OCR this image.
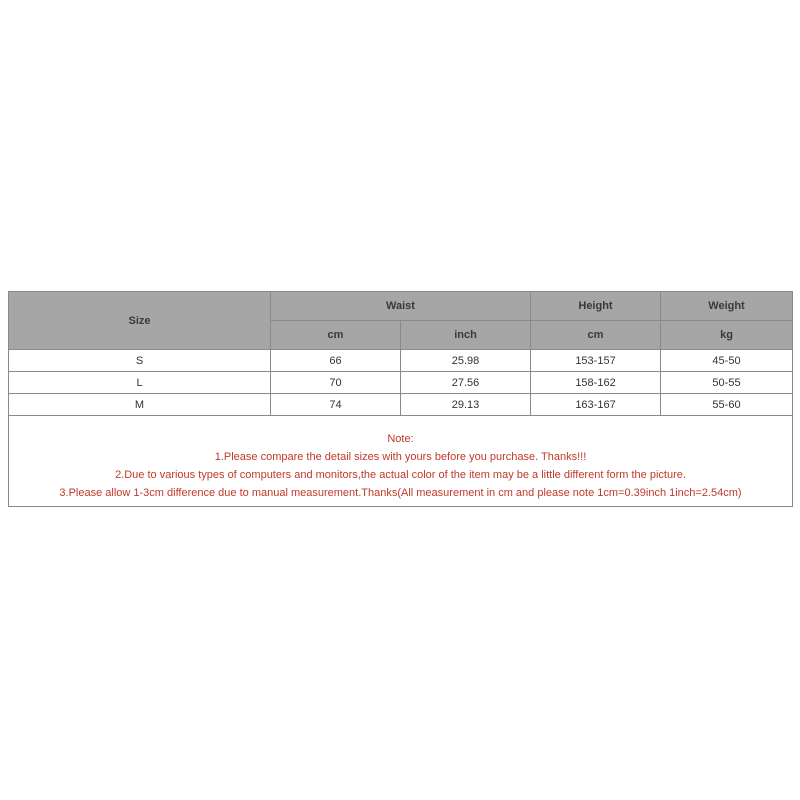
Size	Waist		Height	Weight
	cm	inch	cm	kg
S	66	25.98	153-157	45-50
L	70	27.56	158-162	50-55
M	74	29.13	163-167	55-60

Note:
1.Please compare the detail sizes with yours before you purchase. Thanks!!!
2.Due to various types of computers and monitors,the actual color of the item may be a little different form the picture.
3.Please allow 1-3cm difference due to manual measurement.Thanks(All measurement in cm and please note 1cm=0.39inch 1inch=2.54cm)				
